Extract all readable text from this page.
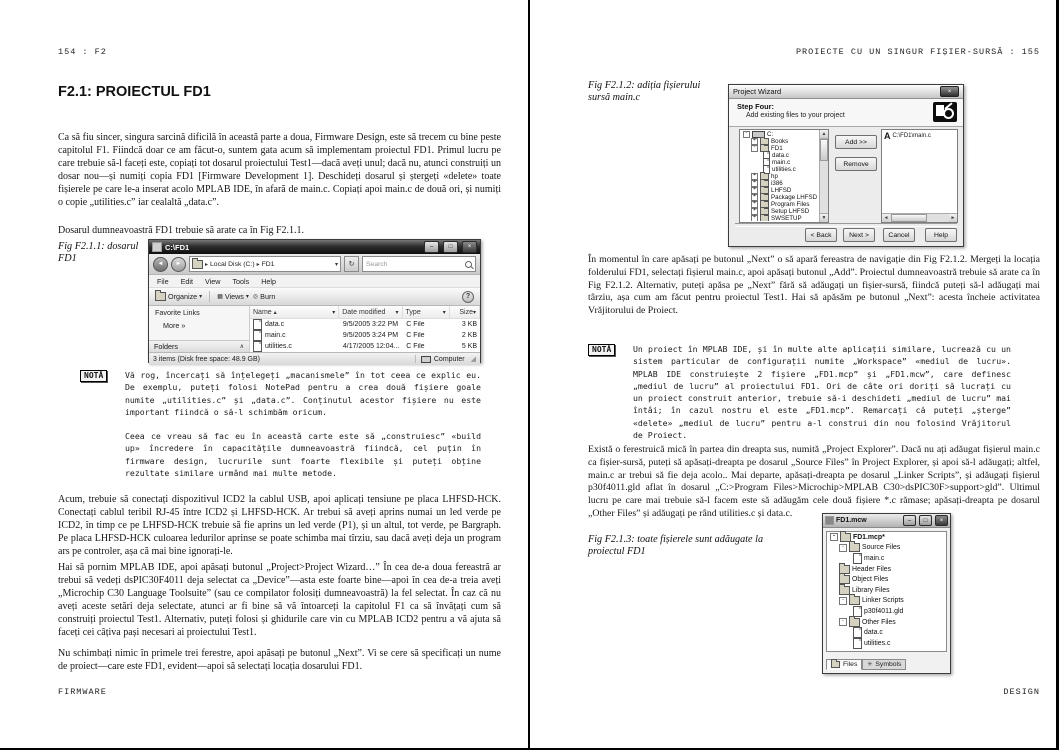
154 : F2
F2.1: PROIECTUL FD1
Ca să fiu sincer, singura sarcină dificilă în această parte a doua, Firmware Design, este să trecem cu bine peste capitolul F1. Fiindcă doar ce am făcut-o, suntem gata acum să implementam proiectul FD1. Primul lucru pe care trebuie să-l faceți este, copiați tot dosarul proiectului Test1—dacă aveți unul; dacă nu, atunci construiți un dosar nou—și numiți copia FD1 [Firmware Development 1]. Deschideți dosarul și ștergeți «delete» toate fișierele pe care le-a inserat acolo MPLAB IDE, în afară de main.c. Copiați apoi main.c de două ori, și numiți o copie „utilities.c” iar cealaltă „data.c”.
Dosarul dumneavoastră FD1 trebuie să arate ca în Fig F2.1.1.
Fig F2.1.1: dosarul FD1
C:\FD1	–	□	×
◄	►	▸ Local Disk (C:) ▸ FD1	▾	↻	Search
File Edit View Tools Help
Organize ▾	▦ Views ▾ ◎ Burn	?
Favorite Links
More »
Folders	∧
Name ▴	▾ Date modified ▾ Type	▾ Size ▾
data.c	9/5/2005 3:22 PM	C File	3 KB
main.c	9/5/2005 3:24 PM	C File	2 KB
utilities.c	4/17/2005 12:04... C File	5 KB
3 items (Disk free space: 48.9 GB)	Computer ◢
NOTĂ	Vă rog, încercați să înțelegeți „macanismele” în tot ceea ce explic eu. De exemplu, puteți folosi NotePad pentru a crea două fișiere goale numite „utilities.c” și „data.c”. Conținutul acestor fișiere nu este important fiindcă o să-l schimbăm oricum.
Ceea ce vreau să fac eu în această carte este să „construiesc” «build up» încredere în capacitățile dumneavoastră fiindcă, cel puțin în firmware design, lucrurile sunt foarte flexibile și puteți obține rezultate similare urmând mai multe metode.
Acum, trebuie să conectați dispozitivul ICD2 la cablul USB, apoi aplicați tensiune pe placa LHFSD-HCK. Conectați cablul teribil RJ-45 între ICD2 și LHFSD-HCK. Ar trebui să aveți aprins numai un led verde pe ICD2, în timp ce pe LHFSD-HCK trebuie să fie aprins un led verde (P1), și un altul, tot verde, pe Bargraph. Pe placa LHFSD-HCK culoarea ledurilor aprinse se poate schimba mai tîrziu, sau dacă aveți deja un program ars pe controler, așa că mai bine ignorați-le.
Hai să pornim MPLAB IDE, apoi apăsați butonul „Project>Project Wizard…” În cea de-a doua fereastră ar trebui să vedeți dsPIC30F4011 deja selectat ca „Device”—asta este foarte bine—apoi în cea de-a treia aveți „Microchip C30 Language Toolsuite” (sau ce compilator folosiți dumneavoastră) la fel selectat. În caz că nu aveți aceste setări deja selectate, atunci ar fi bine să vă întoarceți la capitolul F1 ca să învățați cum să construiți proiectul Test1. Alternativ, puteți folosi și ghidurile care vin cu MPLAB ICD2 pentru a vă ajuta să faceți cei câțiva pași necesari ai proiectului Test1.
Nu schimbați nimic în primele trei ferestre, apoi apăsați pe butonul „Next”. Vi se cere să specificați un nume de proiect—care este FD1, evident—apoi să selectați locația dosarului FD1.
FIRMWARE
PROIECTE CU UN SINGUR FIȘIER-SURSĂ : 155
Fig F2.1.2: adiția fișierului sursă main.c
Project Wizard	×
Step Four:
Add existing files to your project
-	C:
+	Books
-	FD1
data.c
main.c
utilities.c
+	hp
+	i386
+	LHFSD
+	Package LHFSD
+	Program Files
+	Setup LHFSD
+	SWSETUP
▲
▼
Add >>
Remove
A C:\FD1\main.c
◄	►
< Back	Next >	Cancel	Help
În momentul în care apăsați pe butonul „Next” o să apară fereastra de navigație din Fig F2.1.2. Mergeți la locația folderului FD1, selectați fișierul main.c, apoi apăsați butonul „Add”. Proiectul dumneavoastră trebuie să arate ca în Fig F2.1.2. Alternativ, puteți apăsa pe „Next” fără să adăugați un fișier-sursă, fiindcă puteți să-l adăugați mai târziu, așa cum am făcut pentru proiectul Test1. Hai să apăsăm pe butonul „Next”: acesta încheie activitatea Vrăjitorului de Proiect.
NOTĂ	Un proiect în MPLAB IDE, și în multe alte aplicații similare, lucrează cu un sistem particular de configurații numite „Workspace” «mediul de lucru». MPLAB IDE construiește 2 fișiere „FD1.mcp” și „FD1.mcw”, care definesc „mediul de lucru” al proiectului FD1. Ori de câte ori doriți să lucrați cu un proiect construit anterior, trebuie să-i deschideti „mediul de lucru” mai întâi; în cazul nostru el este „FD1.mcp”. Remarcați că puteți „șterge” «delete» „mediul de lucru” pentru a-l construi din nou folosind Vrăjitorul de Proiect.
Există o ferestruică mică în partea din dreapta sus, numită „Project Explorer”. Dacă nu ați adăugat fișierul main.c ca fișier-sursă, puteți să apăsați-dreapta pe dosarul „Source Files” în Project Explorer, și apoi să-l adăugați; altfel, main.c ar trebui să fie deja acolo.. Mai departe, apăsați-dreapta pe dosarul „Linker Scripts”, și adăugați fișierul p30f4011.gld aflat în dosarul „C:>Program Files>Microchip>MPLAB C30>dsPIC30F>support>gld”. Ultimul lucru pe care mai trebuie să-l facem este să adăugăm cele două fișiere *.c rămase; apăsați-dreapta pe dosarul „Other Files” și adăugați pe rând utilities.c și data.c.
Fig F2.1.3: toate fișierele sunt adăugate la proiectul FD1
FD1.mcw	–	□	×
-	FD1.mcp*
-	Source Files
main.c
Header Files
Object Files
Library Files
-	Linker Scripts
p30f4011.gld
-	Other Files
data.c
utilities.c
Files ✳ Symbols
DESIGN
